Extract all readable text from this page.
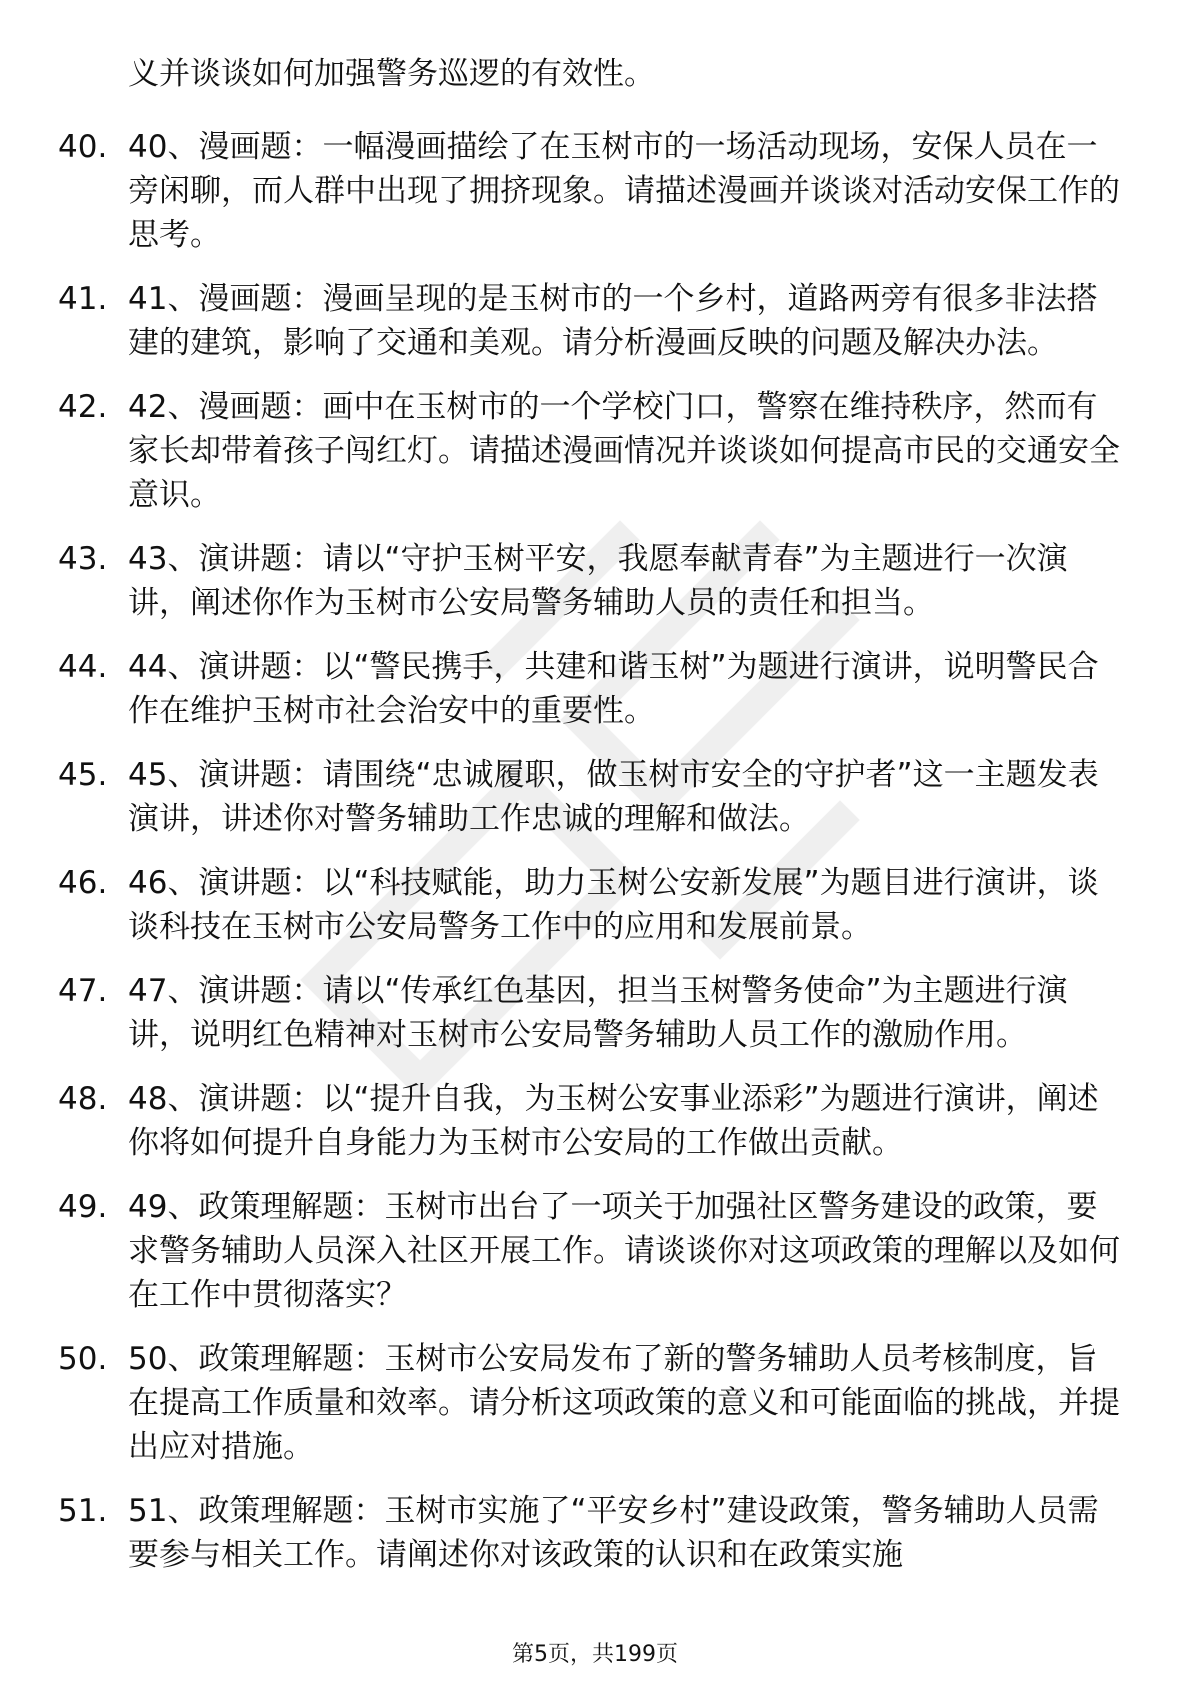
义并谈谈如何加强警务巡逻的有效性。
40. 40、漫画题：一幅漫画描绘了在玉树市的一场活动现场，安保人员在一旁闲聊，而人群中出现了拥挤现象。请描述漫画并谈谈对活动安保工作的思考。
41. 41、漫画题：漫画呈现的是玉树市的一个乡村，道路两旁有很多非法搭建的建筑，影响了交通和美观。请分析漫画反映的问题及解决办法。
42. 42、漫画题：画中在玉树市的一个学校门口，警察在维持秩序，然而有家长却带着孩子闯红灯。请描述漫画情况并谈谈如何提高市民的交通安全意识。
43. 43、演讲题：请以“守护玉树平安，我愿奉献青春”为主题进行一次演讲，阐述你作为玉树市公安局警务辅助人员的责任和担当。
44. 44、演讲题：以“警民携手，共建和谐玉树”为题进行演讲，说明警民合作在维护玉树市社会治安中的重要性。
45. 45、演讲题：请围绕“忠诚履职，做玉树市安全的守护者”这一主题发表演讲，讲述你对警务辅助工作忠诚的理解和做法。
46. 46、演讲题：以“科技赋能，助力玉树公安新发展”为题目进行演讲，谈谈科技在玉树市公安局警务工作中的应用和发展前景。
47. 47、演讲题：请以“传承红色基因，担当玉树警务使命”为主题进行演讲，说明红色精神对玉树市公安局警务辅助人员工作的激励作用。
48. 48、演讲题：以“提升自我，为玉树公安事业添彩”为题进行演讲，阐述你将如何提升自身能力为玉树市公安局的工作做出贡献。
49. 49、政策理解题：玉树市出台了一项关于加强社区警务建设的政策，要求警务辅助人员深入社区开展工作。请谈谈你对这项政策的理解以及如何在工作中贯彻落实？
50. 50、政策理解题：玉树市公安局发布了新的警务辅助人员考核制度，旨在提高工作质量和效率。请分析这项政策的意义和可能面临的挑战，并提出应对措施。
51. 51、政策理解题：玉树市实施了“平安乡村”建设政策，警务辅助人员需要参与相关工作。请阐述你对该政策的认识和在政策实施
第5页，共199页
